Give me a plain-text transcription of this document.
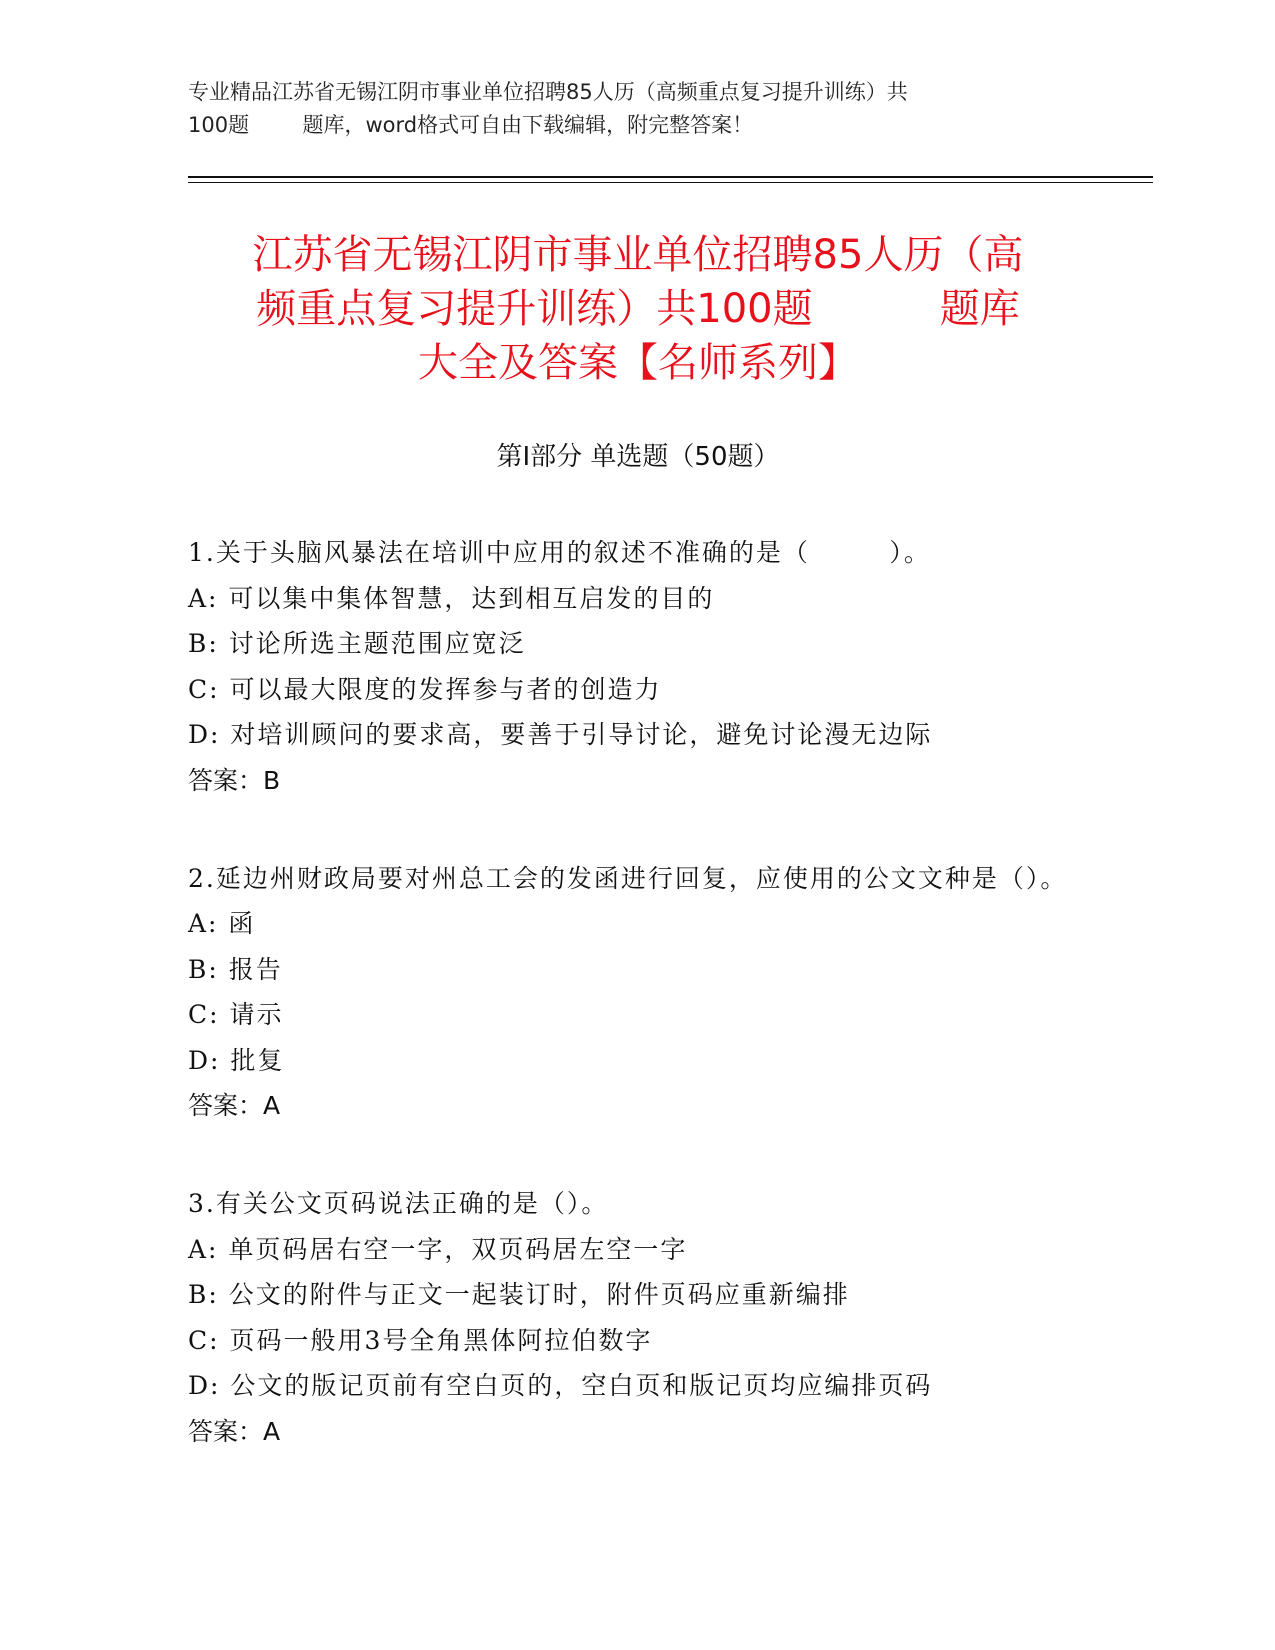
专业精品江苏省无锡江阴市事业单位招聘85人历（高频重点复习提升训练）共
100题        题库，word格式可自由下载编辑，附完整答案！
江苏省无锡江阴市事业单位招聘85人历（高
频重点复习提升训练）共100题          题库
大全及答案【名师系列】
第Ⅰ部分 单选题（50题）
1.关于头脑风暴法在培训中应用的叙述不准确的是（        ）。
A: 可以集中集体智慧，达到相互启发的目的
B: 讨论所选主题范围应宽泛
C: 可以最大限度的发挥参与者的创造力
D: 对培训顾问的要求高，要善于引导讨论，避免讨论漫无边际
答案：B
2.延边州财政局要对州总工会的发函进行回复，应使用的公文文种是（）。
A: 函
B: 报告
C: 请示
D: 批复
答案：A
3.有关公文页码说法正确的是（）。
A: 单页码居右空一字，双页码居左空一字
B: 公文的附件与正文一起装订时，附件页码应重新编排
C: 页码一般用3号全角黑体阿拉伯数字
D: 公文的版记页前有空白页的，空白页和版记页均应编排页码
答案：A
